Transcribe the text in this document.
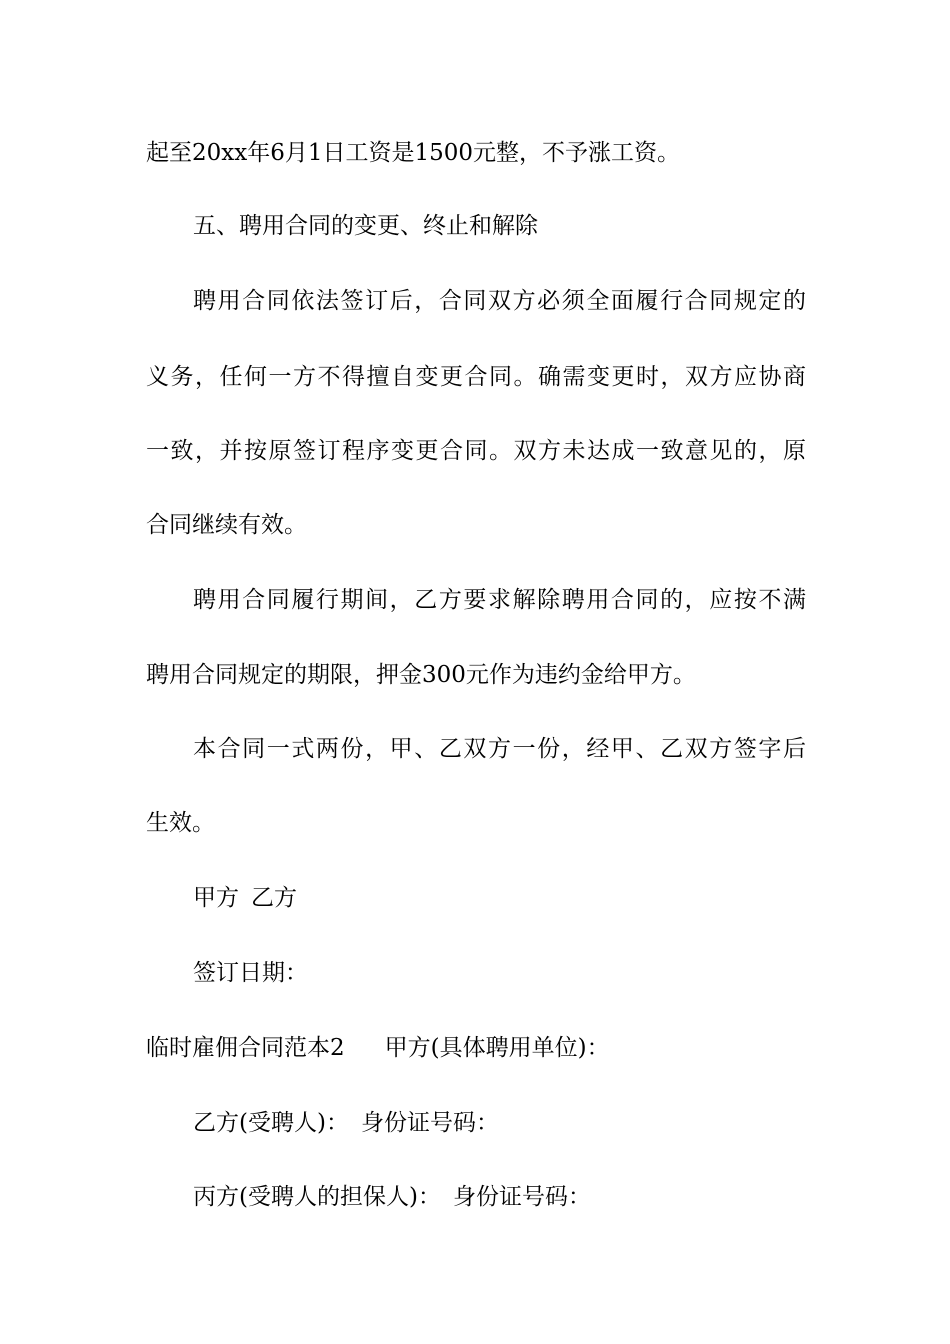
起至20xx年6月1日工资是1500元整，不予涨工资。
五、聘用合同的变更、终止和解除
聘用合同依法签订后，合同双方必须全面履行合同规定的
义务，任何一方不得擅自变更合同。确需变更时，双方应协商
一致，并按原签订程序变更合同。双方未达成一致意见的，原
合同继续有效。
聘用合同履行期间，乙方要求解除聘用合同的，应按不满
聘用合同规定的期限，押金300元作为违约金给甲方。
本合同一式两份，甲、乙双方一份，经甲、乙双方签字后
生效。
甲方 乙方
签订日期：
临时雇佣合同范本2 甲方(具体聘用单位)：
乙方(受聘人)： 身份证号码：
丙方(受聘人的担保人)： 身份证号码：
